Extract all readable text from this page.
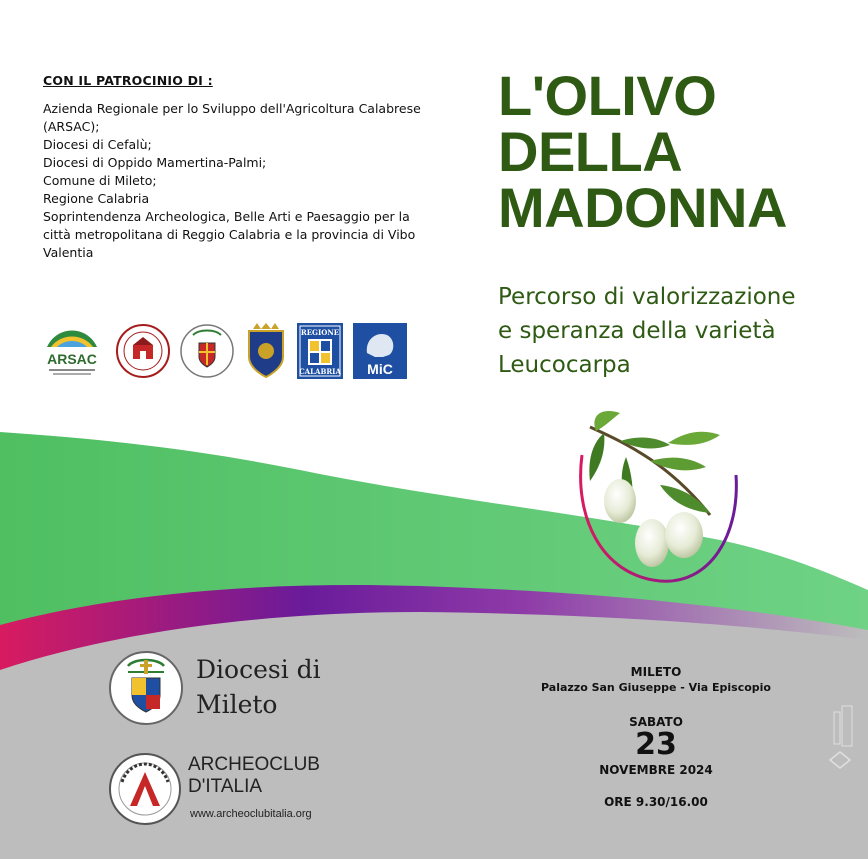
CON IL PATROCINIO DI :

Azienda Regionale per lo Sviluppo dell'Agricoltura Calabrese (ARSAC);

Diocesi di Cefalù;

Diocesi di Oppido Mamertina-Palmi;

Comune di Mileto;

Regione Calabria

Soprintendenza Archeologica, Belle Arti e Paesaggio per la città metropolitana di Reggio Calabria e la provincia di Vibo Valentia

ARSAC
REGIONE
CALABRIA MiC
L'OLIVO
DELLA
MADONNA
Percorso di valorizzazione
e speranza della varietà
Leucocarpa
Diocesi di
Mileto
ARCHEOCLUB
D'ITALIA
www.archeoclubitalia.org
MILETO
Palazzo San Giuseppe - Via Episcopio
SABATO
23
NOVEMBRE 2024
ORE 9.30/16.00
